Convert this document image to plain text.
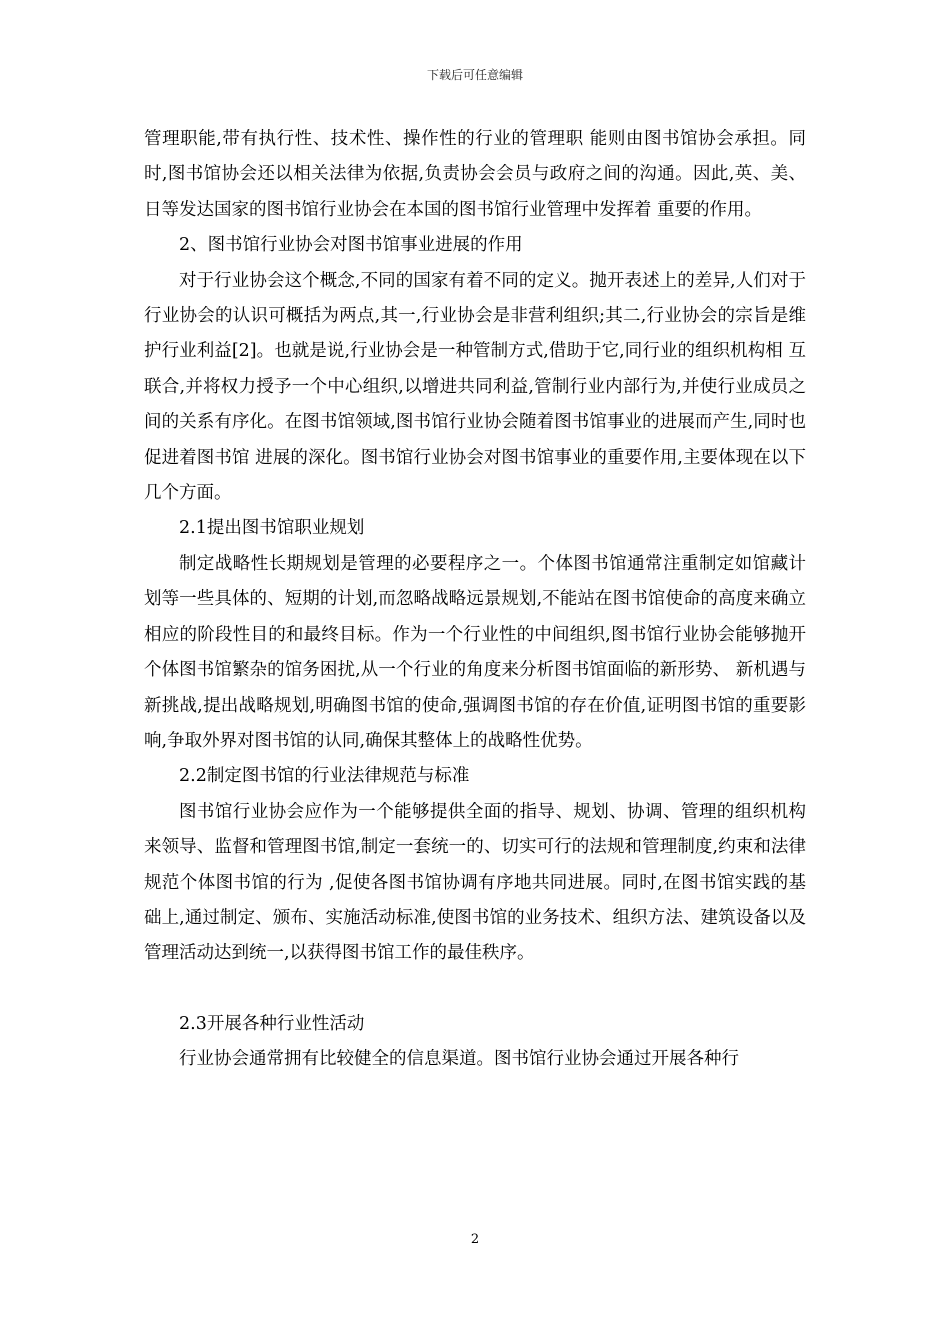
下载后可任意编辑

管理职能,带有执行性、技术性、操作性的行业的管理职 能则由图书馆协会承担。同时,图书馆协会还以相关法律为依据,负责协会会员与政府之间的沟通。因此,英、美、日等发达国家的图书馆行业协会在本国的图书馆行业管理中发挥着 重要的作用。

2、图书馆行业协会对图书馆事业进展的作用

对于行业协会这个概念,不同的国家有着不同的定义。抛开表述上的差异,人们对于行业协会的认识可概括为两点,其一,行业协会是非营利组织;其二,行业协会的宗旨是维护行业利益[2]。也就是说,行业协会是一种管制方式,借助于它,同行业的组织机构相 互联合,并将权力授予一个中心组织,以增进共同利益,管制行业内部行为,并使行业成员之间的关系有序化。在图书馆领域,图书馆行业协会随着图书馆事业的进展而产生,同时也促进着图书馆 进展的深化。图书馆行业协会对图书馆事业的重要作用,主要体现在以下几个方面。

2.1提出图书馆职业规划

制定战略性长期规划是管理的必要程序之一。个体图书馆通常注重制定如馆藏计划等一些具体的、短期的计划,而忽略战略远景规划,不能站在图书馆使命的高度来确立相应的阶段性目的和最终目标。作为一个行业性的中间组织,图书馆行业协会能够抛开个体图书馆繁杂的馆务困扰,从一个行业的角度来分析图书馆面临的新形势、 新机遇与新挑战,提出战略规划,明确图书馆的使命,强调图书馆的存在价值,证明图书馆的重要影响,争取外界对图书馆的认同,确保其整体上的战略性优势。

2.2制定图书馆的行业法律规范与标准

图书馆行业协会应作为一个能够提供全面的指导、规划、协调、管理的组织机构来领导、监督和管理图书馆,制定一套统一的、切实可行的法规和管理制度,约束和法律规范个体图书馆的行为 ,促使各图书馆协调有序地共同进展。同时,在图书馆实践的基础上,通过制定、颁布、实施活动标准,使图书馆的业务技术、组织方法、建筑设备以及管理活动达到统一,以获得图书馆工作的最佳秩序。

2.3开展各种行业性活动

行业协会通常拥有比较健全的信息渠道。图书馆行业协会通过开展各种行

2
